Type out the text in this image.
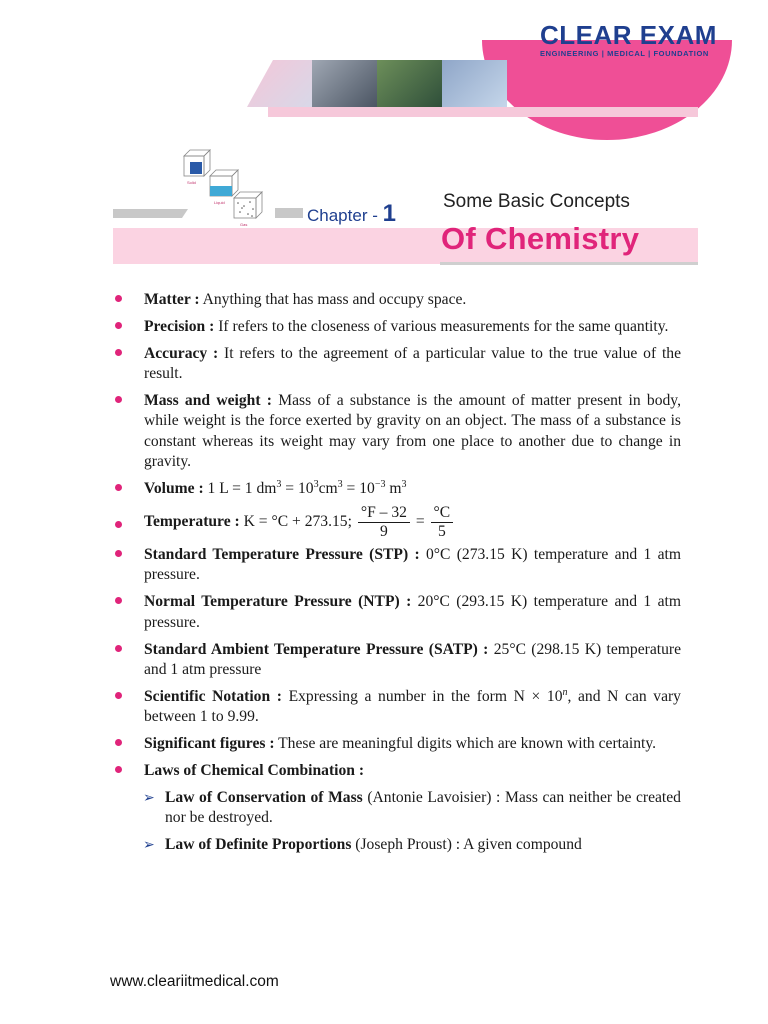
CLEAR EXAM
ENGINEERING | MEDICAL | FOUNDATION
Solid
Liquid
Gas	Chapter - 1 Some Basic Concepts
Of Chemistry
Matter : Anything that has mass and occupy space.
Precision : If refers to the closeness of various measurements for the same quantity.
Accuracy : It refers to the agreement of a particular value to the true value of the result.
Mass and weight : Mass of a substance is the amount of matter present in body, while weight is the force exerted by gravity on an object. The mass of a substance is constant whereas its weight may vary from one place to another due to change in gravity.
Volume : 1 L = 1 $dm^3 = 10^3cm^3 = 10^{-3}$ $m^3$
Temperature : K = °C + 273.15; $\frac{^\circ F - 32}{9} = \frac{^\circ C}{5}$
Standard Temperature Pressure (STP) : 0°C (273.15 K) temperature and 1 atm pressure.
Normal Temperature Pressure (NTP) : 20°C (293.15 K) temperature and 1 atm pressure.
Standard Ambient Temperature Pressure (SATP) : 25°C (298.15 K) temperature and 1 atm pressure
Scientific Notation : Expressing a number in the form $N \times 10^n$, and N can vary between 1 to 9.99.
Significant figures : These are meaningful digits which are known with certainty.
Laws of Chemical Combination :
➢ Law of Conservation of Mass (Antonie Lavoisier) : Mass can neither be created nor be destroyed.
➢ Law of Definite Proportions (Joseph Proust) : A given compound
www.cleariitmedical.com
